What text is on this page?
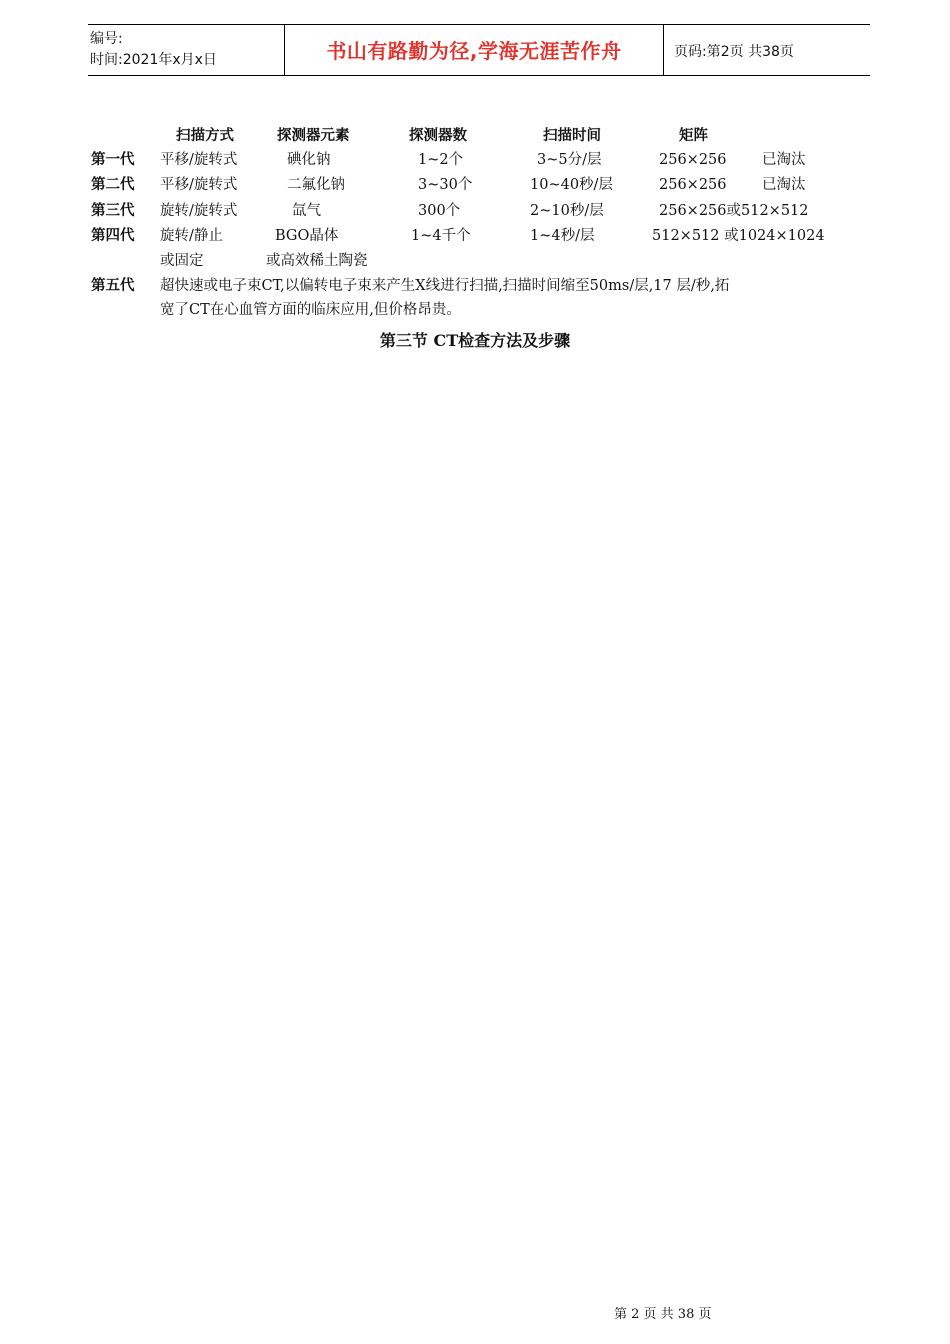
编号:
时间:2021年x月x日	书山有路勤为径,学海无涯苦作舟	页码:第2页 共38页
扫描方式	探测器元素	探测器数	扫描时间	矩阵
第一代 平移/旋转式	碘化钠	1~2个	3~5分/层	256×256 已淘汰
第二代 平移/旋转式	二氟化钠	3~30个	10~40秒/层	256×256 已淘汰
第三代 旋转/旋转式	氙气	300个	2~10秒/层	256×256或512×512
第四代 旋转/静止	BGO晶体	1~4千个	1~4秒/层	512×512 或1024×1024
或固定	或高效稀土陶瓷
第五代 超快速或电子束CT,以偏转电子束来产生X线进行扫描,扫描时间缩至50ms/层,17 层/秒,拓
宽了CT在心血管方面的临床应用,但价格昂贵。
第三节 CT检查方法及步骤
第 2 页 共 38 页
